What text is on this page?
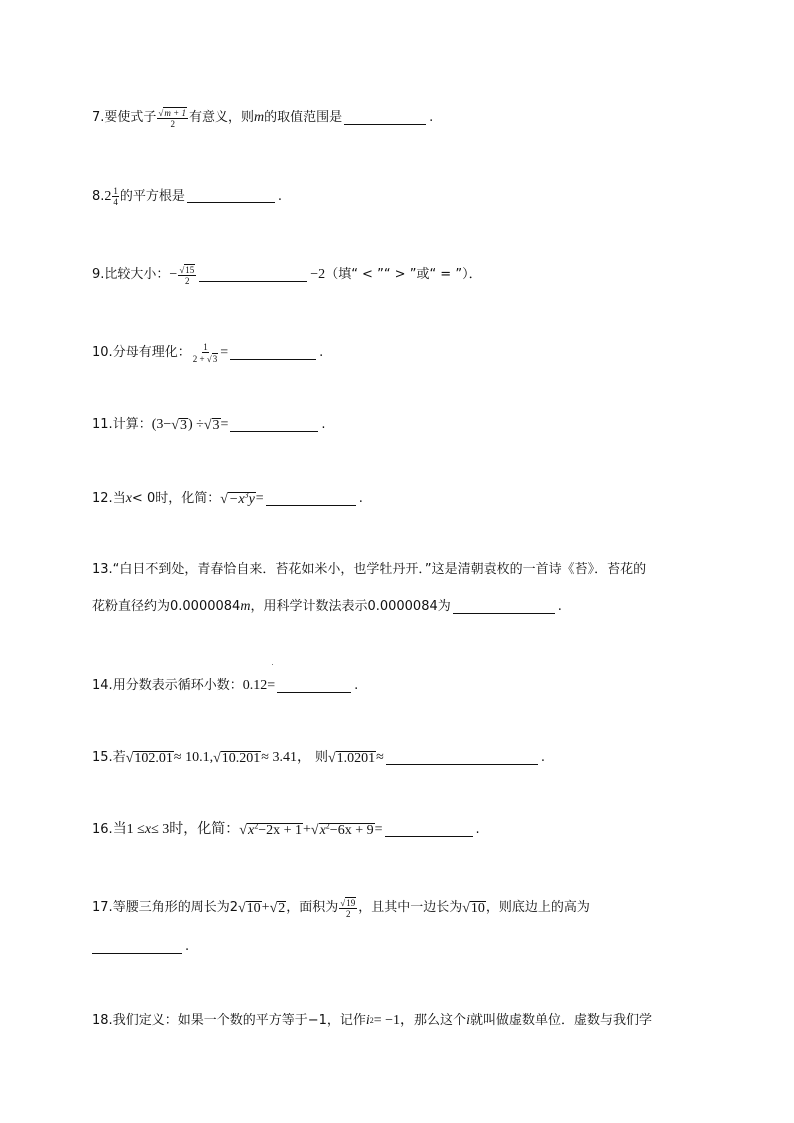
7. 要使式子 $\frac{√ m + 1}{2}$ 有意义，则 m 的取值范围是	.
8. $2 \frac{1}{4}$ 的平方根是	.
9. 比较大小： − $\frac{√ 15}{2}$	−2 （填“ < ”“ > ”或“ = ”）．
10. 分母有理化： $\frac{1}{2 + √ 3}$ =	.
11. 计算： (3− √ 3 ) ÷ √ 3 =	.
12. 当 x < 0时，化简： √ $-x^3y$ =	.
13.“白日不到处，青春恰自来．苔花如米小，也学牡丹开．”这是清朝袁枚的一首诗《苔》．苔花的
花粉直径约为0.0000084 m ，用科学计数法表示0.0000084为	.
14. 用分数表示循环小数： 0.12 =	.
15. 若 √ 102.01 ≈ 10.1, √ 10.201 ≈ 3.41， 则 √ 1.0201 ≈	.
16. 当1 ≤ x ≤ 3时，化简： √ $x^2-2x + 1$ + √ $x^2-6x + 9$ =	.
17. 等腰三角形的周长为2 √ 10 + √ 2 ，面积为 $\frac{√ 19}{2}$ ，且其中一边长为 √ 10 ，则底边上的高为
.
18. 我们定义：如果一个数的平方等于−1，记作 i 2 = −1， 那么这个 i 就叫做虚数单位．虚数与我们学
